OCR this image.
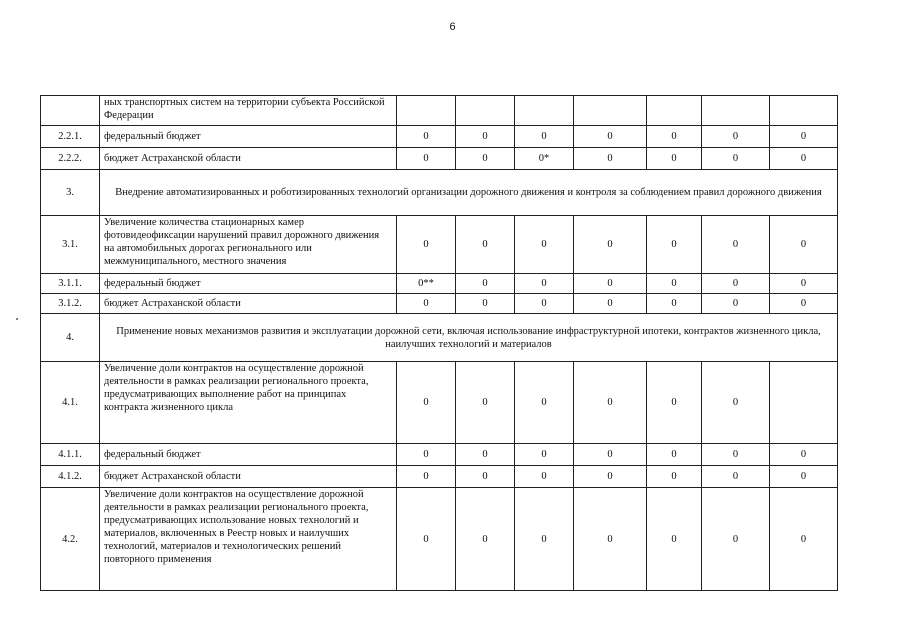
6
	ных транспортных систем на территории субъекта Российской Федерации							
2.2.1.	федеральный бюджет	0	0	0	0	0	0	0
2.2.2.	бюджет Астраханской области	0	0	0*	0	0	0	0
3.	Внедрение автоматизированных и роботизированных технологий организации дорожного движения и контроля за соблюдением правил дорожного движения							
3.1.	Увеличение количества стационарных камер фотовидеофиксации нарушений правил дорожного движения на автомобильных дорогах регионального или межмуниципального, местного значения	0	0	0	0	0	0	0
3.1.1.	федеральный бюджет	0**	0	0	0	0	0	0
3.1.2.	бюджет Астраханской области	0	0	0	0	0	0	0
4.	Применение новых механизмов развития и эксплуатации дорожной сети, включая использование инфраструктурной ипотеки, контрактов жизненного цикла, наилучших технологий и материалов							
4.1.	Увеличение доли контрактов на осуществление дорожной деятельности в рамках реализации регионального проекта, предусматривающих выполнение работ на принципах контракта жизненного цикла	0	0	0	0	0	0	
4.1.1.	федеральный бюджет	0	0	0	0	0	0	0
4.1.2.	бюджет Астраханской области	0	0	0	0	0	0	0
4.2.	Увеличение доли контрактов на осуществление дорожной деятельности в рамках реализации регионального проекта, предусматривающих использование новых технологий и материалов, включенных в Реестр новых и наилучших технологий, материалов и технологических решений повторного применения	0	0	0	0	0	0	0
